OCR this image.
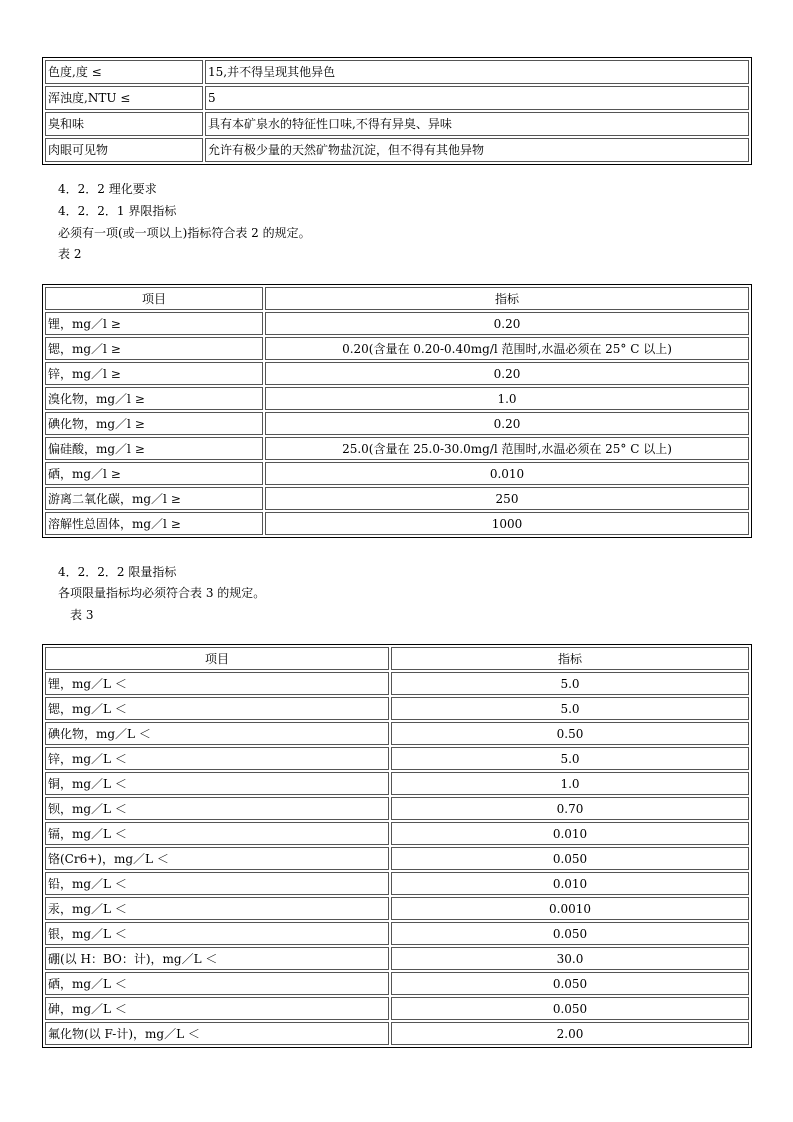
色度,度 ≤	15,并不得呈现其他异色
浑浊度,NTU ≤	5
臭和味	具有本矿泉水的特征性口味,不得有异臭、异味
肉眼可见物	允许有极少量的天然矿物盐沉淀，但不得有其他异物
4．2．2 理化要求
4．2．2．1 界限指标
必须有一项(或一项以上)指标符合表 2 的规定。
表 2
项目	指标
锂，mg／l ≥	0.20
锶，mg／l ≥	0.20(含量在 0.20-0.40mg/l 范围时,水温必须在 25° C 以上)
锌，mg／l ≥	0.20
溴化物，mg／l ≥	1.0
碘化物，mg／l ≥	0.20
偏硅酸，mg／l ≥	25.0(含量在 25.0-30.0mg/l 范围时,水温必须在 25° C 以上)
硒，mg／l ≥	0.010
游离二氧化碳，mg／l ≥	250
溶解性总固体，mg／l ≥	1000
4．2．2．2 限量指标
各项限量指标均必须符合表 3 的规定。
表 3
项目	指标
锂，mg／L ＜	5.0
锶，mg／L ＜	5.0
碘化物，mg／L ＜	0.50
锌，mg／L ＜	5.0
铜，mg／L ＜	1.0
钡，mg／L ＜	0.70
镉，mg／L ＜	0.010
铬(Cr6+)，mg／L ＜	0.050
铅，mg／L ＜	0.010
汞，mg／L ＜	0.0010
银，mg／L ＜	0.050
硼(以 H：BO：计)，mg／L ＜	30.0
硒，mg／L ＜	0.050
砷，mg／L ＜	0.050
氟化物(以 F-计)，mg／L ＜	2.00
